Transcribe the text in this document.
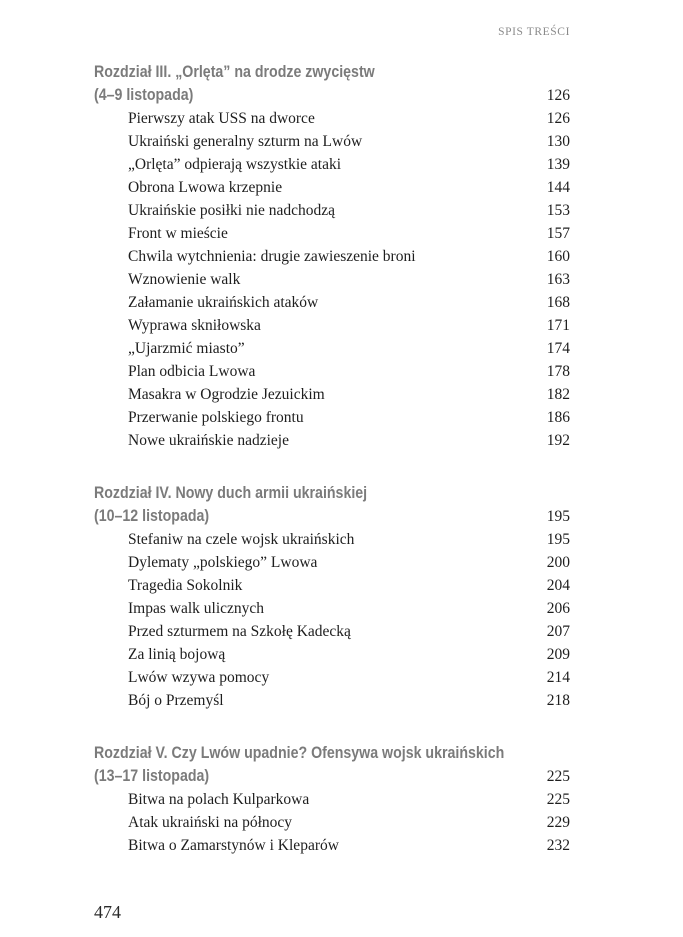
SPIS TREŚCI
Rozdział III. „Orlęta” na drodze zwycięstw
(4–9 listopada)	126
Pierwszy atak USS na dworce	126
Ukraiński generalny szturm na Lwów	130
„Orlęta” odpierają wszystkie ataki	139
Obrona Lwowa krzepnie	144
Ukraińskie posiłki nie nadchodzą	153
Front w mieście	157
Chwila wytchnienia: drugie zawieszenie broni	160
Wznowienie walk	163
Załamanie ukraińskich ataków	168
Wyprawa skniłowska	171
„Ujarzmić miasto”	174
Plan odbicia Lwowa	178
Masakra w Ogrodzie Jezuickim	182
Przerwanie polskiego frontu	186
Nowe ukraińskie nadzieje	192
Rozdział IV. Nowy duch armii ukraińskiej
(10–12 listopada)	195
Stefaniw na czele wojsk ukraińskich	195
Dylematy „polskiego” Lwowa	200
Tragedia Sokolnik	204
Impas walk ulicznych	206
Przed szturmem na Szkołę Kadecką	207
Za linią bojową	209
Lwów wzywa pomocy	214
Bój o Przemyśl	218
Rozdział V. Czy Lwów upadnie? Ofensywa wojsk ukraińskich
(13–17 listopada)	225
Bitwa na polach Kulparkowa	225
Atak ukraiński na północy	229
Bitwa o Zamarstynów i Kleparów	232
474
